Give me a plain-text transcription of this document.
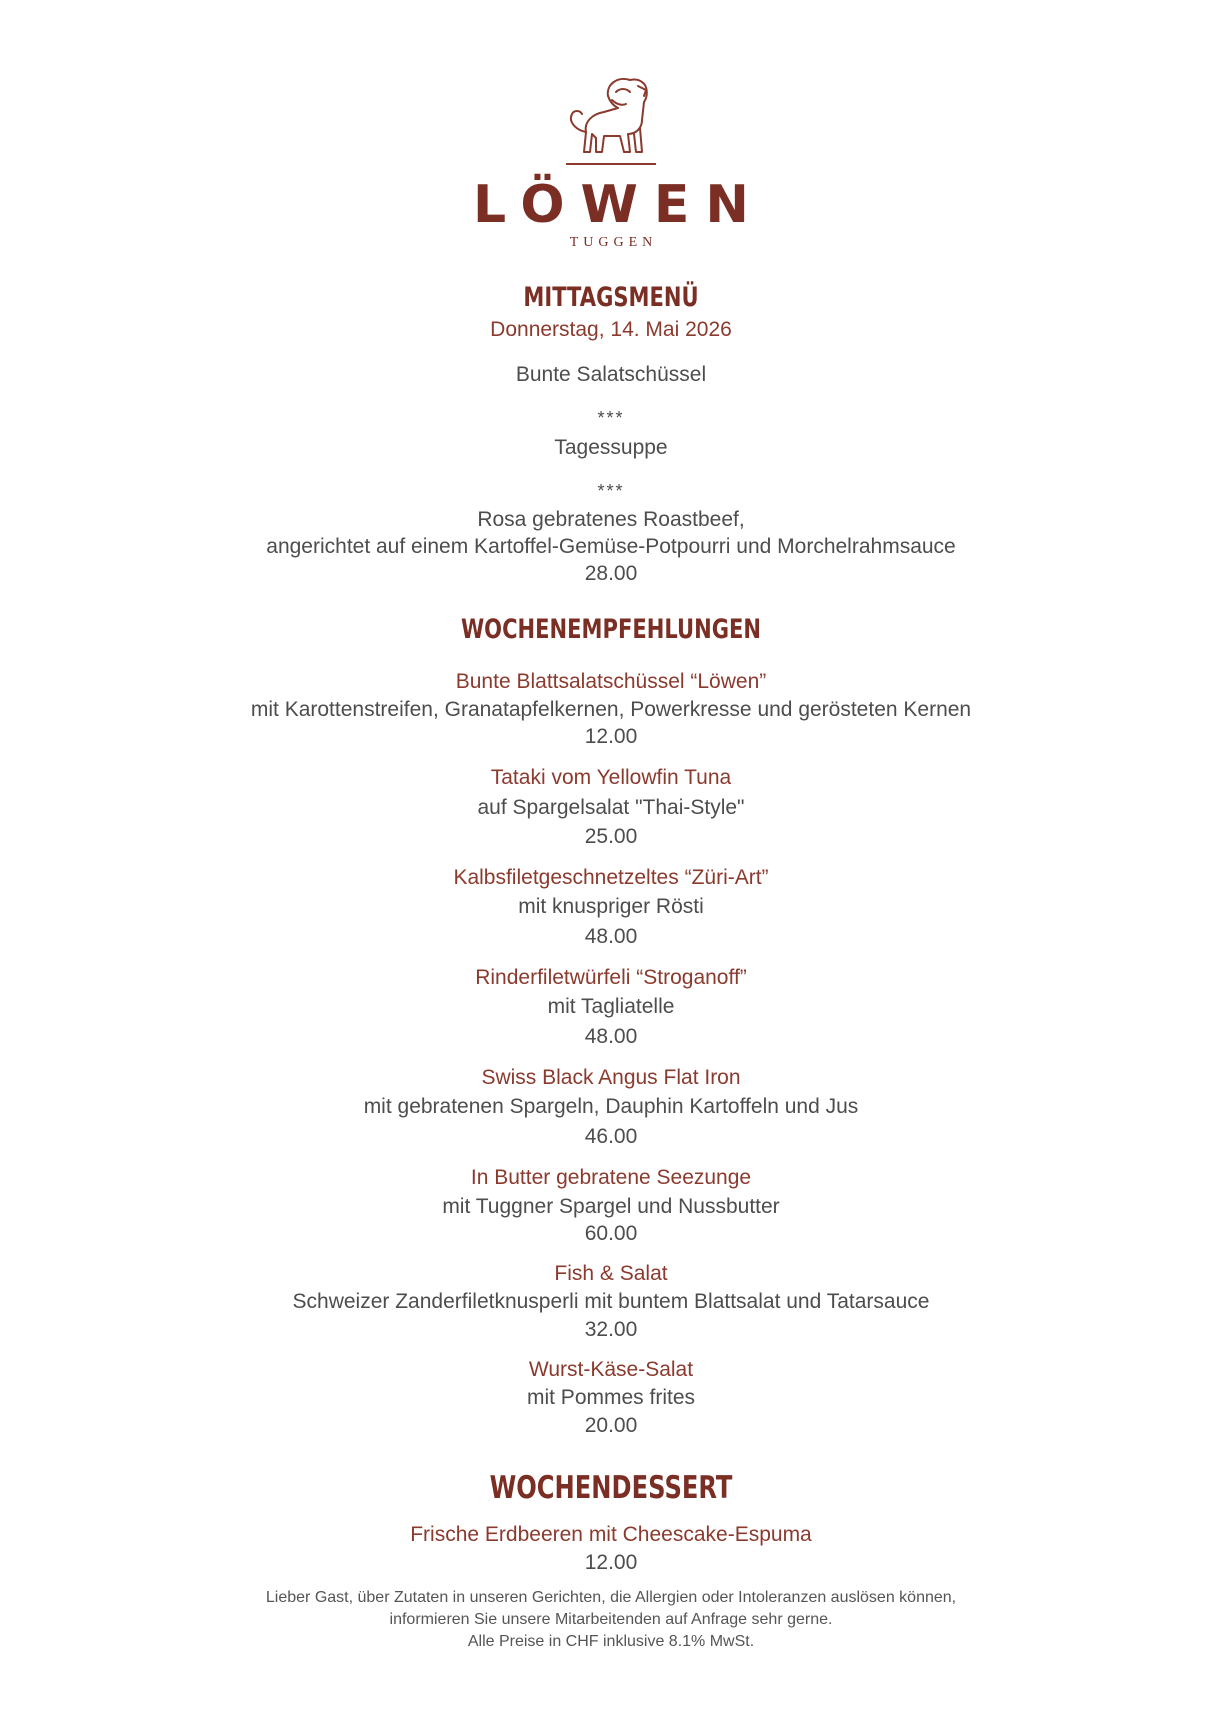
LÖWEN
TUGGEN
MITTAGSMENÜ
Donnerstag, 14. Mai 2026
Bunte Salatschüssel
***
Tagessuppe
***
Rosa gebratenes Roastbeef,
angerichtet auf einem Kartoffel-Gemüse-Potpourri und Morchelrahmsauce
28.00
WOCHENEMPFEHLUNGEN
Bunte Blattsalatschüssel “Löwen”
mit Karottenstreifen, Granatapfelkernen, Powerkresse und gerösteten Kernen
12.00
Tataki vom Yellowfin Tuna
auf Spargelsalat "Thai-Style"
25.00
Kalbsfiletgeschnetzeltes “Züri-Art”
mit knuspriger Rösti
48.00
Rinderfiletwürfeli “Stroganoff”
mit Tagliatelle
48.00
Swiss Black Angus Flat Iron
mit gebratenen Spargeln, Dauphin Kartoffeln und Jus
46.00
In Butter gebratene Seezunge
mit Tuggner Spargel und Nussbutter
60.00
Fish & Salat
Schweizer Zanderfiletknusperli mit buntem Blattsalat und Tatarsauce
32.00
Wurst-Käse-Salat
mit Pommes frites
20.00
WOCHENDESSERT
Frische Erdbeeren mit Cheescake-Espuma
12.00
Lieber Gast, über Zutaten in unseren Gerichten, die Allergien oder Intoleranzen auslösen können,
informieren Sie unsere Mitarbeitenden auf Anfrage sehr gerne.
Alle Preise in CHF inklusive 8.1% MwSt.
